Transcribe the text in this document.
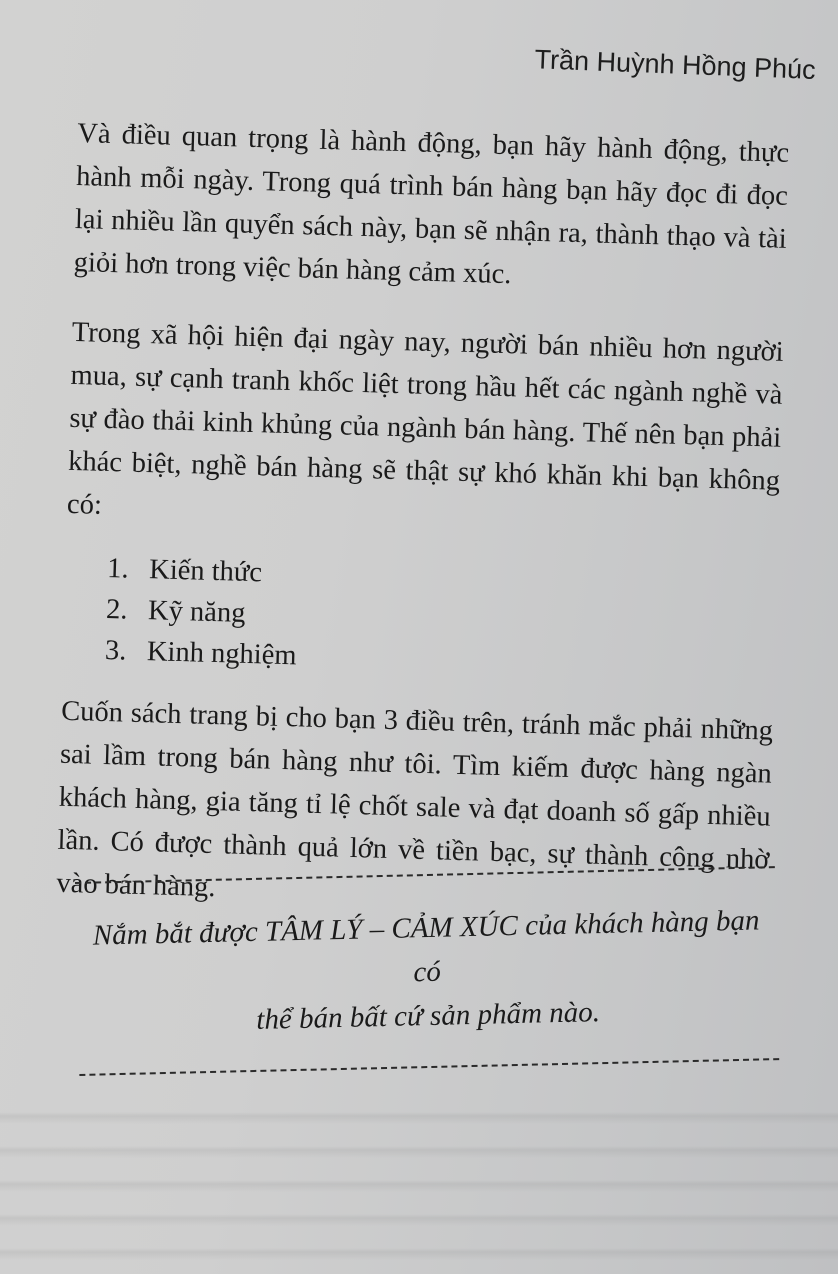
Trần Huỳnh Hồng Phúc

Và điều quan trọng là hành động, bạn hãy hành động, thực hành mỗi ngày. Trong quá trình bán hàng bạn hãy đọc đi đọc lại nhiều lần quyển sách này, bạn sẽ nhận ra, thành thạo và tài giỏi hơn trong việc bán hàng cảm xúc.

Trong xã hội hiện đại ngày nay, người bán nhiều hơn người mua, sự cạnh tranh khốc liệt trong hầu hết các ngành nghề và sự đào thải kinh khủng của ngành bán hàng. Thế nên bạn phải khác biệt, nghề bán hàng sẽ thật sự khó khăn khi bạn không có:

1. Kiến thức
2. Kỹ năng
3. Kinh nghiệm

Cuốn sách trang bị cho bạn 3 điều trên, tránh mắc phải những sai lầm trong bán hàng như tôi. Tìm kiếm được hàng ngàn khách hàng, gia tăng tỉ lệ chốt sale và đạt doanh số gấp nhiều lần. Có được thành quả lớn về tiền bạc, sự thành công nhờ vào bán hàng.

Nắm bắt được TÂM LÝ – CẢM XÚC của khách hàng bạn có
thể bán bất cứ sản phẩm nào.
